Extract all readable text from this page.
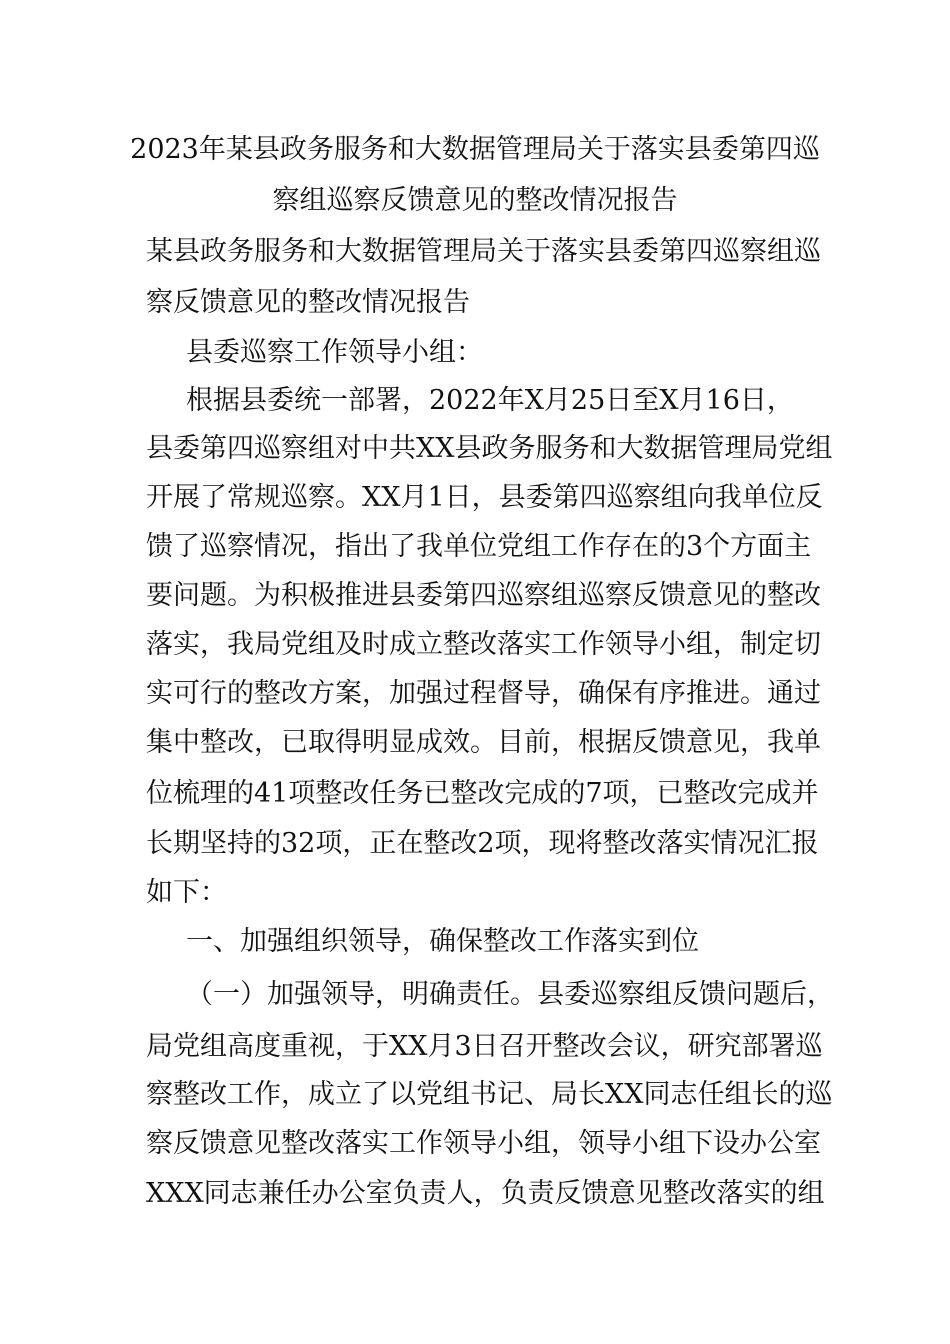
2023年某县政务服务和大数据管理局关于落实县委第四巡
察组巡察反馈意见的整改情况报告
某县政务服务和大数据管理局关于落实县委第四巡察组巡
察反馈意见的整改情况报告
县委巡察工作领导小组：
根据县委统一部署，2022年X月25日至X月16日，
县委第四巡察组对中共XX县政务服务和大数据管理局党组
开展了常规巡察。XX月1日，县委第四巡察组向我单位反
馈了巡察情况，指出了我单位党组工作存在的3个方面主
要问题。为积极推进县委第四巡察组巡察反馈意见的整改
落实，我局党组及时成立整改落实工作领导小组，制定切
实可行的整改方案，加强过程督导，确保有序推进。通过
集中整改，已取得明显成效。目前，根据反馈意见，我单
位梳理的41项整改任务已整改完成的7项，已整改完成并
长期坚持的32项，正在整改2项，现将整改落实情况汇报
如下：
一、加强组织领导，确保整改工作落实到位
（一）加强领导，明确责任。县委巡察组反馈问题后，
局党组高度重视，于XX月3日召开整改会议，研究部署巡
察整改工作，成立了以党组书记、局长XX同志任组长的巡
察反馈意见整改落实工作领导小组，领导小组下设办公室
XXX同志兼任办公室负责人，负责反馈意见整改落实的组
